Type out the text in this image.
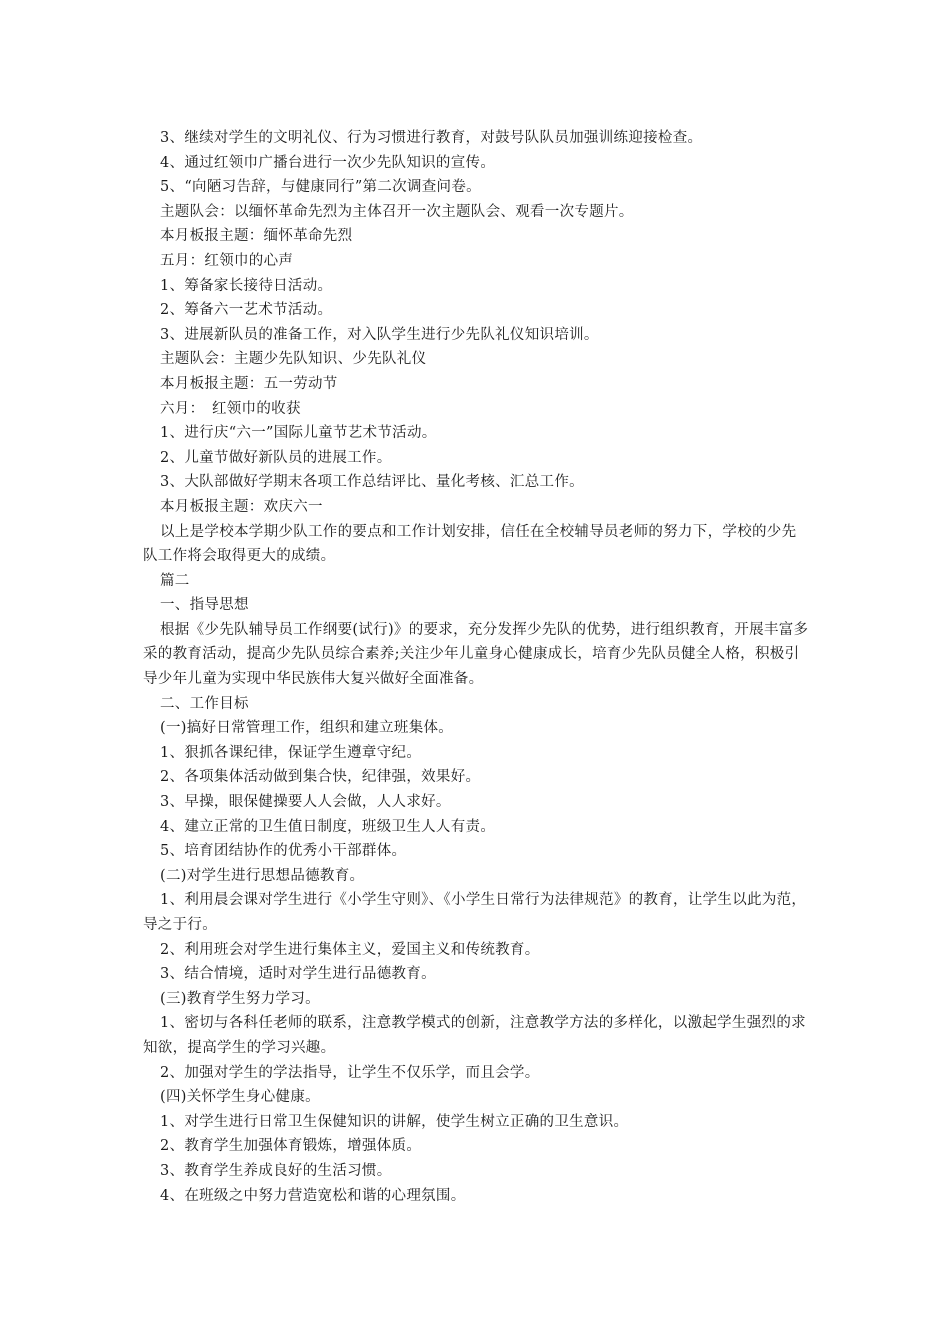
3、继续对学生的文明礼仪、行为习惯进行教育，对鼓号队队员加强训练迎接检查。

4、通过红领巾广播台进行一次少先队知识的宣传。

5、“向陋习告辞，与健康同行”第二次调查问卷。

主题队会：以缅怀革命先烈为主体召开一次主题队会、观看一次专题片。

本月板报主题：缅怀革命先烈

五月：红领巾的心声

1、筹备家长接待日活动。

2、筹备六一艺术节活动。

3、进展新队员的准备工作，对入队学生进行少先队礼仪知识培训。

主题队会：主题少先队知识、少先队礼仪

本月板报主题：五一劳动节

六月：　红领巾的收获

1、进行庆“六一”国际儿童节艺术节活动。

2、儿童节做好新队员的进展工作。

3、大队部做好学期末各项工作总结评比、量化考核、汇总工作。

本月板报主题：欢庆六一

以上是学校本学期少队工作的要点和工作计划安排，信任在全校辅导员老师的努力下，学校的少先队工作将会取得更大的成绩。

篇二

一、指导思想

根据《少先队辅导员工作纲要(试行)》的要求，充分发挥少先队的优势，进行组织教育，开展丰富多采的教育活动，提高少先队员综合素养;关注少年儿童身心健康成长，培育少先队员健全人格，积极引导少年儿童为实现中华民族伟大复兴做好全面准备。

二、工作目标

(一)搞好日常管理工作，组织和建立班集体。

1、狠抓各课纪律，保证学生遵章守纪。

2、各项集体活动做到集合快，纪律强，效果好。

3、早操，眼保健操要人人会做，人人求好。

4、建立正常的卫生值日制度，班级卫生人人有责。

5、培育团结协作的优秀小干部群体。

(二)对学生进行思想品德教育。

1、利用晨会课对学生进行《小学生守则》、《小学生日常行为法律规范》的教育，让学生以此为范，导之于行。

2、利用班会对学生进行集体主义，爱国主义和传统教育。

3、结合情境，适时对学生进行品德教育。

(三)教育学生努力学习。

1、密切与各科任老师的联系，注意教学模式的创新，注意教学方法的多样化，以激起学生强烈的求知欲，提高学生的学习兴趣。

2、加强对学生的学法指导，让学生不仅乐学，而且会学。

(四)关怀学生身心健康。

1、对学生进行日常卫生保健知识的讲解，使学生树立正确的卫生意识。

2、教育学生加强体育锻炼，增强体质。

3、教育学生养成良好的生活习惯。

4、在班级之中努力营造宽松和谐的心理氛围。
